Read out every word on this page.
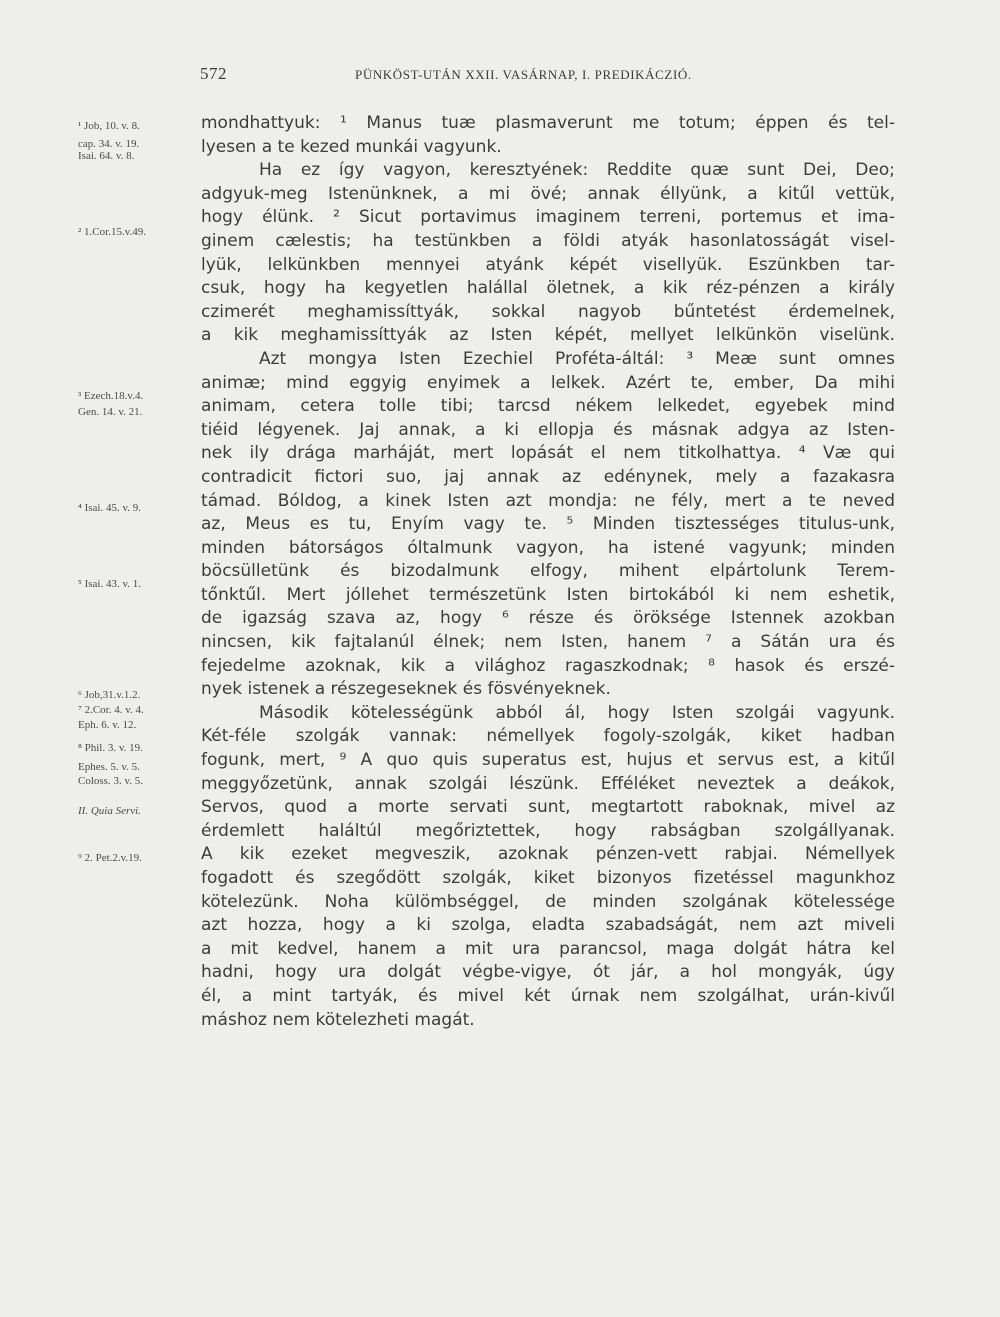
572	PÜNKÖST-UTÁN XXII. VASÁRNAP, I. PREDIKÁCZIÓ.
¹ Job, 10. v. 8.
cap. 34. v. 19.
Isai. 64. v. 8.
² 1.Cor.15.v.49.
³ Ezech.18.v.4.
Gen. 14. v. 21.
⁴ Isai. 45. v. 9.
⁵ Isai. 43. v. 1.
⁶ Job,31.v.1.2.
⁷ 2.Cor. 4. v. 4.
Eph. 6. v. 12.
⁸ Phil. 3. v. 19.
Ephes. 5. v. 5.
Coloss. 3. v. 5.
II. Quia Servi.
⁹ 2. Pet.2.v.19.
mondhattyuk: ¹ Manus tuæ plasmaverunt me totum; éppen és tel-
lyesen a te kezed munkái vagyunk.
Ha ez így vagyon, keresztyének: Reddite quæ sunt Dei, Deo;
adgyuk-meg Istenünknek, a mi övé; annak éllyünk, a kitűl vettük,
hogy élünk. ² Sicut portavimus imaginem terreni, portemus et ima-
ginem cælestis; ha testünkben a földi atyák hasonlatosságát visel-
lyük, lelkünkben mennyei atyánk képét visellyük. Eszünkben tar-
csuk, hogy ha kegyetlen halállal öletnek, a kik réz-pénzen a király
czimerét meghamissíttyák, sokkal nagyob bűntetést érdemelnek,
a kik meghamissíttyák az Isten képét, mellyet lelkünkön viselünk.
Azt mongya Isten Ezechiel Proféta-áltál: ³ Meæ sunt omnes
animæ; mind eggyig enyimek a lelkek. Azért te, ember, Da mihi
animam, cetera tolle tibi; tarcsd nékem lelkedet, egyebek mind
tiéid légyenek. Jaj annak, a ki ellopja és másnak adgya az Isten-
nek ily drága marháját, mert lopását el nem titkolhattya. ⁴ Væ qui
contradicit fictori suo, jaj annak az edénynek, mely a fazakasra
támad. Bóldog, a kinek Isten azt mondja: ne fély, mert a te neved
az, Meus es tu, Enyím vagy te. ⁵ Minden tisztességes titulus-unk,
minden bátorságos óltalmunk vagyon, ha istené vagyunk; minden
böcsülletünk és bizodalmunk elfogy, mihent elpártolunk Terem-
tőnktűl. Mert jóllehet természetünk Isten birtokából ki nem eshetik,
de igazság szava az, hogy ⁶ része és öröksége Istennek azokban
nincsen, kik fajtalanúl élnek; nem Isten, hanem ⁷ a Sátán ura és
fejedelme azoknak, kik a világhoz ragaszkodnak; ⁸ hasok és erszé-
nyek istenek a részegeseknek és fösvényeknek.
Második kötelességünk abból ál, hogy Isten szolgái vagyunk.
Két-féle szolgák vannak: némellyek fogoly-szolgák, kiket hadban
fogunk, mert, ⁹ A quo quis superatus est, hujus et servus est, a kitűl
meggyőzetünk, annak szolgái lészünk. Efféléket neveztek a deákok,
Servos, quod a morte servati sunt, megtartott raboknak, mivel az
érdemlett haláltúl megőriztettek, hogy rabságban szolgállyanak.
A kik ezeket megveszik, azoknak pénzen-vett rabjai. Némellyek
fogadott és szegődött szolgák, kiket bizonyos fizetéssel magunkhoz
kötelezünk. Noha külömbséggel, de minden szolgának kötelessége
azt hozza, hogy a ki szolga, eladta szabadságát, nem azt miveli
a mit kedvel, hanem a mit ura parancsol, maga dolgát hátra kel
hadni, hogy ura dolgát végbe-vigye, ót jár, a hol mongyák, úgy
él, a mint tartyák, és mivel két úrnak nem szolgálhat, urán-kivűl
máshoz nem kötelezheti magát.
